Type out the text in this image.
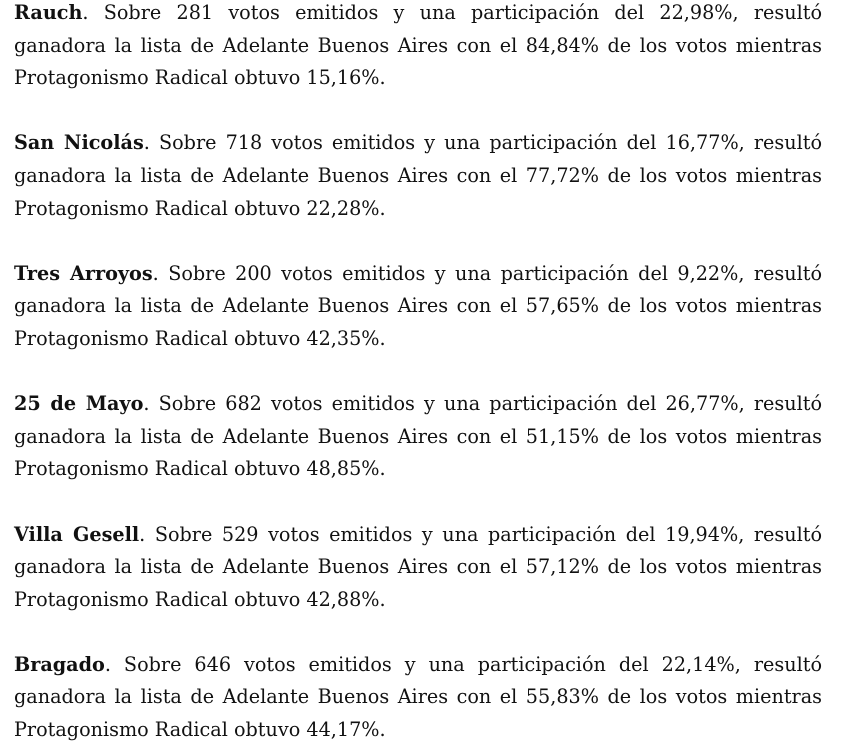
Rauch. Sobre 281 votos emitidos y una participación del 22,98%, resultó ganadora la lista de Adelante Buenos Aires con el 84,84% de los votos mientras Protagonismo Radical obtuvo 15,16%.

San Nicolás. Sobre 718 votos emitidos y una participación del 16,77%, resultó ganadora la lista de Adelante Buenos Aires con el 77,72% de los votos mientras Protagonismo Radical obtuvo 22,28%.

Tres Arroyos. Sobre 200 votos emitidos y una participación del 9,22%, resultó ganadora la lista de Adelante Buenos Aires con el 57,65% de los votos mientras Protagonismo Radical obtuvo 42,35%.

25 de Mayo. Sobre 682 votos emitidos y una participación del 26,77%, resultó ganadora la lista de Adelante Buenos Aires con el 51,15% de los votos mientras Protagonismo Radical obtuvo 48,85%.

Villa Gesell. Sobre 529 votos emitidos y una participación del 19,94%, resultó ganadora la lista de Adelante Buenos Aires con el 57,12% de los votos mientras Protagonismo Radical obtuvo 42,88%.

Bragado. Sobre 646 votos emitidos y una participación del 22,14%, resultó ganadora la lista de Adelante Buenos Aires con el 55,83% de los votos mientras Protagonismo Radical obtuvo 44,17%.
